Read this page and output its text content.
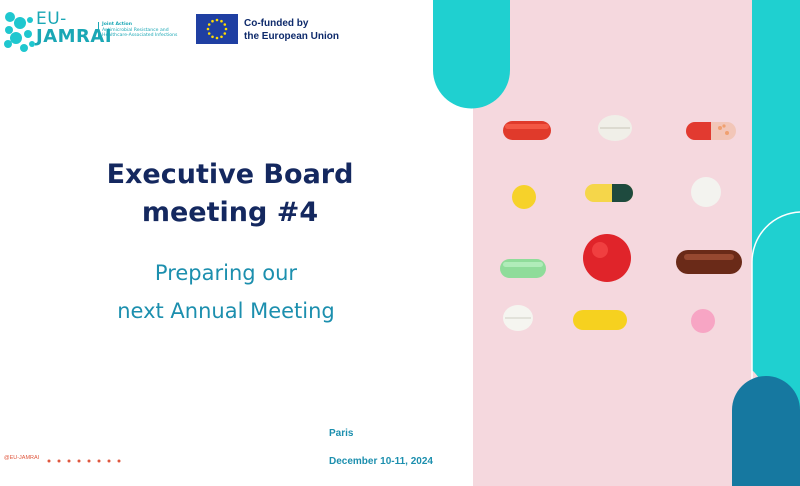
EU-
JAMRAI
Joint Action
Antimicrobial Resistance and
Healthcare-Associated Infections
Co-funded by
the European Union
Executive Board
meeting #4
Preparing our
next Annual Meeting
@EU-JAMRAI
Paris
December 10-11, 2024
